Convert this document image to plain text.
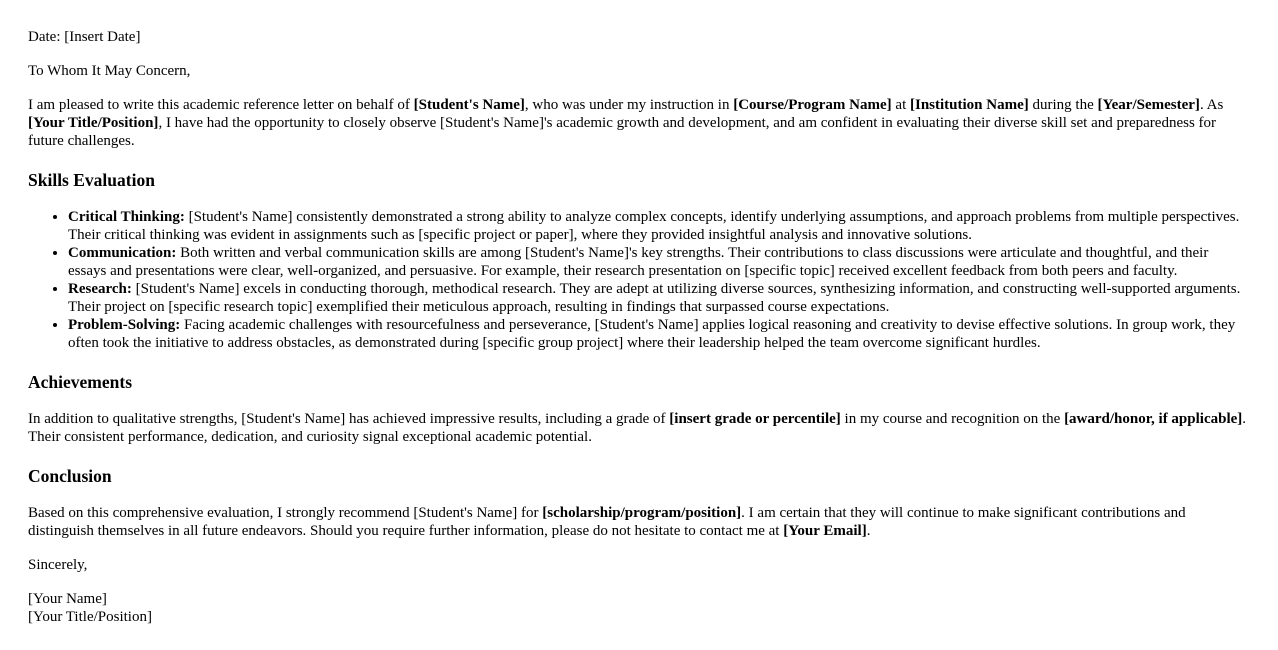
Date: [Insert Date]

To Whom It May Concern,

I am pleased to write this academic reference letter on behalf of [Student's Name], who was under my instruction in [Course/Program Name] at [Institution Name] during the [Year/Semester]. As [Your Title/Position], I have had the opportunity to closely observe [Student's Name]'s academic growth and development, and am confident in evaluating their diverse skill set and preparedness for future challenges.

Skills Evaluation
• Critical Thinking: [Student's Name] consistently demonstrated a strong ability to analyze complex concepts, identify underlying assumptions, and approach problems from multiple perspectives. Their critical thinking was evident in assignments such as [specific project or paper], where they provided insightful analysis and innovative solutions.
• Communication: Both written and verbal communication skills are among [Student's Name]'s key strengths. Their contributions to class discussions were articulate and thoughtful, and their essays and presentations were clear, well-organized, and persuasive. For example, their research presentation on [specific topic] received excellent feedback from both peers and faculty.
• Research: [Student's Name] excels in conducting thorough, methodical research. They are adept at utilizing diverse sources, synthesizing information, and constructing well-supported arguments. Their project on [specific research topic] exemplified their meticulous approach, resulting in findings that surpassed course expectations.
• Problem-Solving: Facing academic challenges with resourcefulness and perseverance, [Student's Name] applies logical reasoning and creativity to devise effective solutions. In group work, they often took the initiative to address obstacles, as demonstrated during [specific group project] where their leadership helped the team overcome significant hurdles.
Achievements

In addition to qualitative strengths, [Student's Name] has achieved impressive results, including a grade of [insert grade or percentile] in my course and recognition on the [award/honor, if applicable]. Their consistent performance, dedication, and curiosity signal exceptional academic potential.

Conclusion

Based on this comprehensive evaluation, I strongly recommend [Student's Name] for [scholarship/program/position]. I am certain that they will continue to make significant contributions and distinguish themselves in all future endeavors. Should you require further information, please do not hesitate to contact me at [Your Email].

Sincerely,

[Your Name]
[Your Title/Position]
